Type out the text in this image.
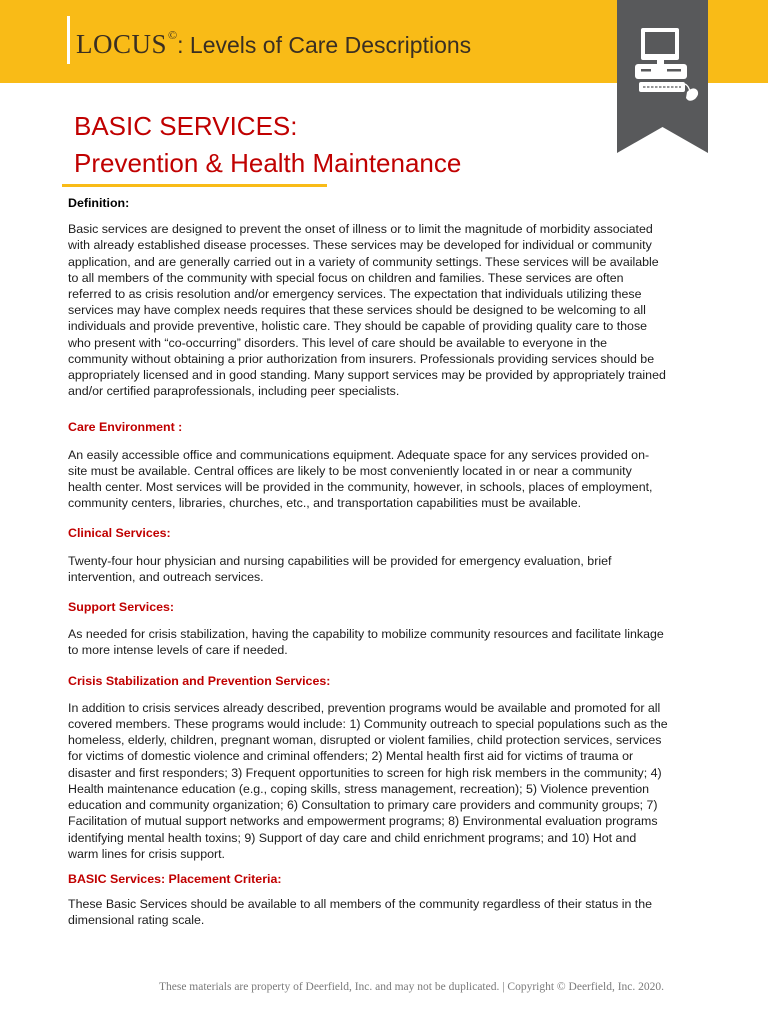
LOCUS©: Levels of Care Descriptions
BASIC SERVICES:
Prevention & Health Maintenance

Definition:

Basic services are designed to prevent the onset of illness or to limit the magnitude of morbidity associated with already established disease processes. These services may be developed for individual or community application, and are generally carried out in a variety of community settings. These services will be available to all members of the community with special focus on children and families. These services are often referred to as crisis resolution and/or emergency services. The expectation that individuals utilizing these services may have complex needs requires that these services should be designed to be welcoming to all individuals and provide preventive, holistic care. They should be capable of providing quality care to those who present with “co-occurring” disorders. This level of care should be available to everyone in the community without obtaining a prior authorization from insurers. Professionals providing services should be appropriately licensed and in good standing. Many support services may be provided by appropriately trained and/or certified paraprofessionals, including peer specialists.

Care Environment :

An easily accessible office and communications equipment. Adequate space for any services provided on-site must be available. Central offices are likely to be most conveniently located in or near a community health center. Most services will be provided in the community, however, in schools, places of employment, community centers, libraries, churches, etc., and transportation capabilities must be available.

Clinical Services:

Twenty-four hour physician and nursing capabilities will be provided for emergency evaluation, brief intervention, and outreach services.

Support Services:

As needed for crisis stabilization, having the capability to mobilize community resources and facilitate linkage to more intense levels of care if needed.

Crisis Stabilization and Prevention Services:

In addition to crisis services already described, prevention programs would be available and promoted for all covered members. These programs would include: 1) Community outreach to special populations such as the homeless, elderly, children, pregnant woman, disrupted or violent families, child protection services, services for victims of domestic violence and criminal offenders; 2) Mental health first aid for victims of trauma or disaster and first responders; 3) Frequent opportunities to screen for high risk members in the community; 4) Health maintenance education (e.g., coping skills, stress management, recreation); 5) Violence prevention education and community organization; 6) Consultation to primary care providers and community groups; 7) Facilitation of mutual support networks and empowerment programs; 8) Environmental evaluation programs identifying mental health toxins; 9) Support of day care and child enrichment programs; and 10) Hot and warm lines for crisis support.

BASIC Services: Placement Criteria:

These Basic Services should be available to all members of the community regardless of their status in the dimensional rating scale.

These materials are property of Deerfield, Inc. and may not be duplicated. | Copyright © Deerfield, Inc. 2020.
